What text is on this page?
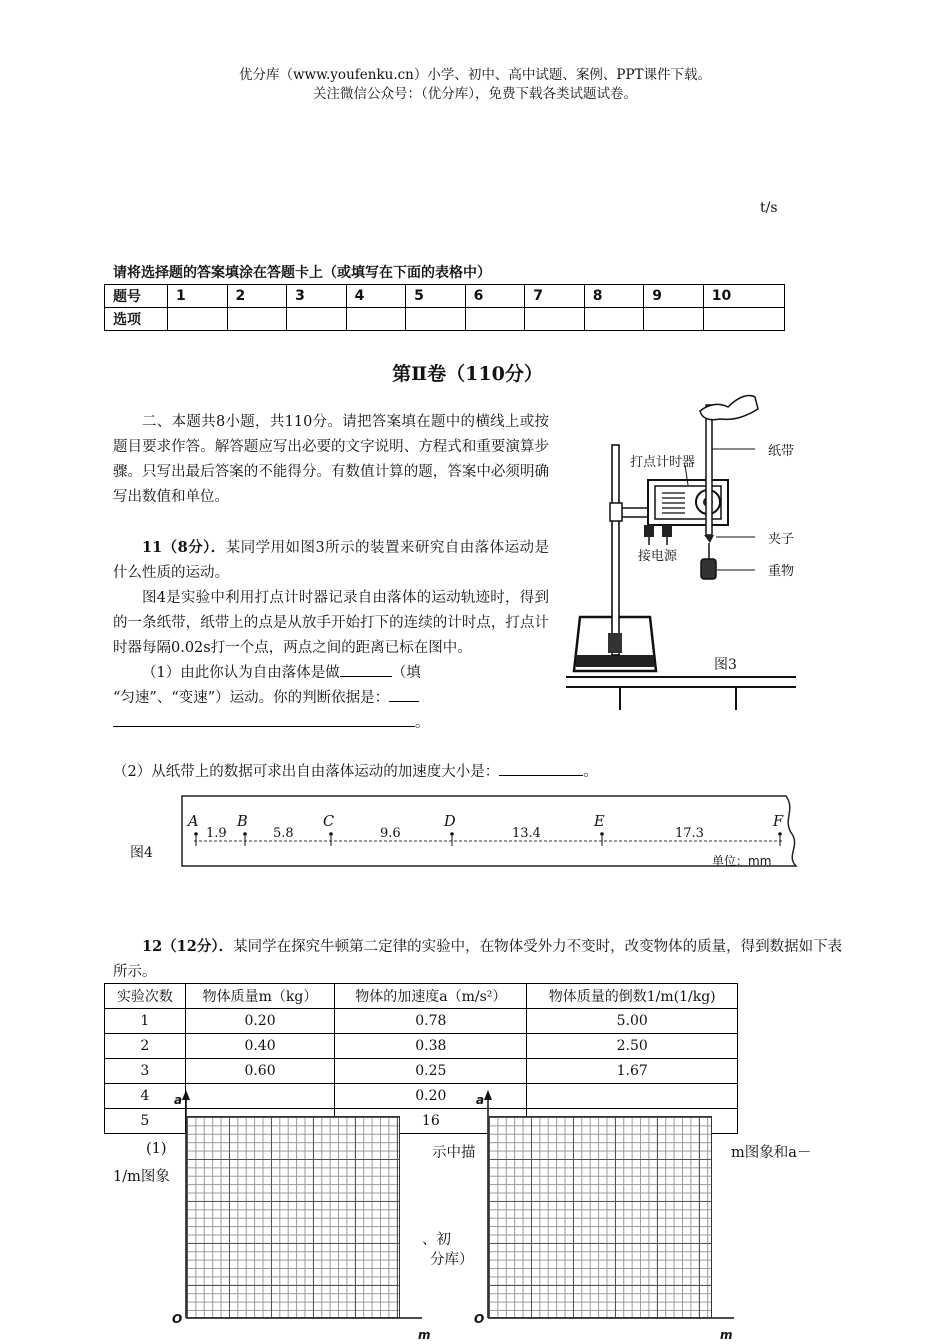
优分库（www.youfenku.cn）小学、初中、高中试题、案例、PPT课件下载。
关注微信公众号：（优分库），免费下载各类试题试卷。
t/s
请将选择题的答案填涂在答题卡上（或填写在下面的表格中）
题号	1	2	3	4	5	6	7	8	9	10
选项										
第Ⅱ卷（110分）
二、本题共8小题，共110分。请把答案填在题中的横线上或按题目要求作答。解答题应写出必要的文字说明、方程式和重要演算步骤。只写出最后答案的不能得分。有数值计算的题，答案中必须明确写出数值和单位。
11（8分）．某同学用如图3所示的装置来研究自由落体运动是什么性质的运动。
图4是实验中利用打点计时器记录自由落体的运动轨迹时，得到的一条纸带，纸带上的点是从放手开始打下的连续的计时点，打点计时器每隔0.02s打一个点，两点之间的距离已标在图中。
（1）由此你认为自由落体是做	（填
“匀速”、“变速”）运动。你的判断依据是：
。
（2）从纸带上的数据可求出自由落体运动的加速度大小是：	。
打点计时器
纸带
夹子
接电源
重物
图3
图4
A	B	C	D	E	F
1.9	5.8	9.6	13.4	17.3
单位：mm
12（12分）．某同学在探究牛顿第二定律的实验中，在物体受外力不变时，改变物体的质量，得到数据如下表所示。
实验次数	物体质量m（kg）	物体的加速度a（m/s²）	物体质量的倒数1/m(1/kg)
1	0.20	0.78	5.00
2	0.40	0.38	2.50
3	0.60	0.25	1.67
4		0.20	
5		16	
(1)	示中描	m图象和a－
1/m图象
、初
分库）
a
O
m
a
O
m
